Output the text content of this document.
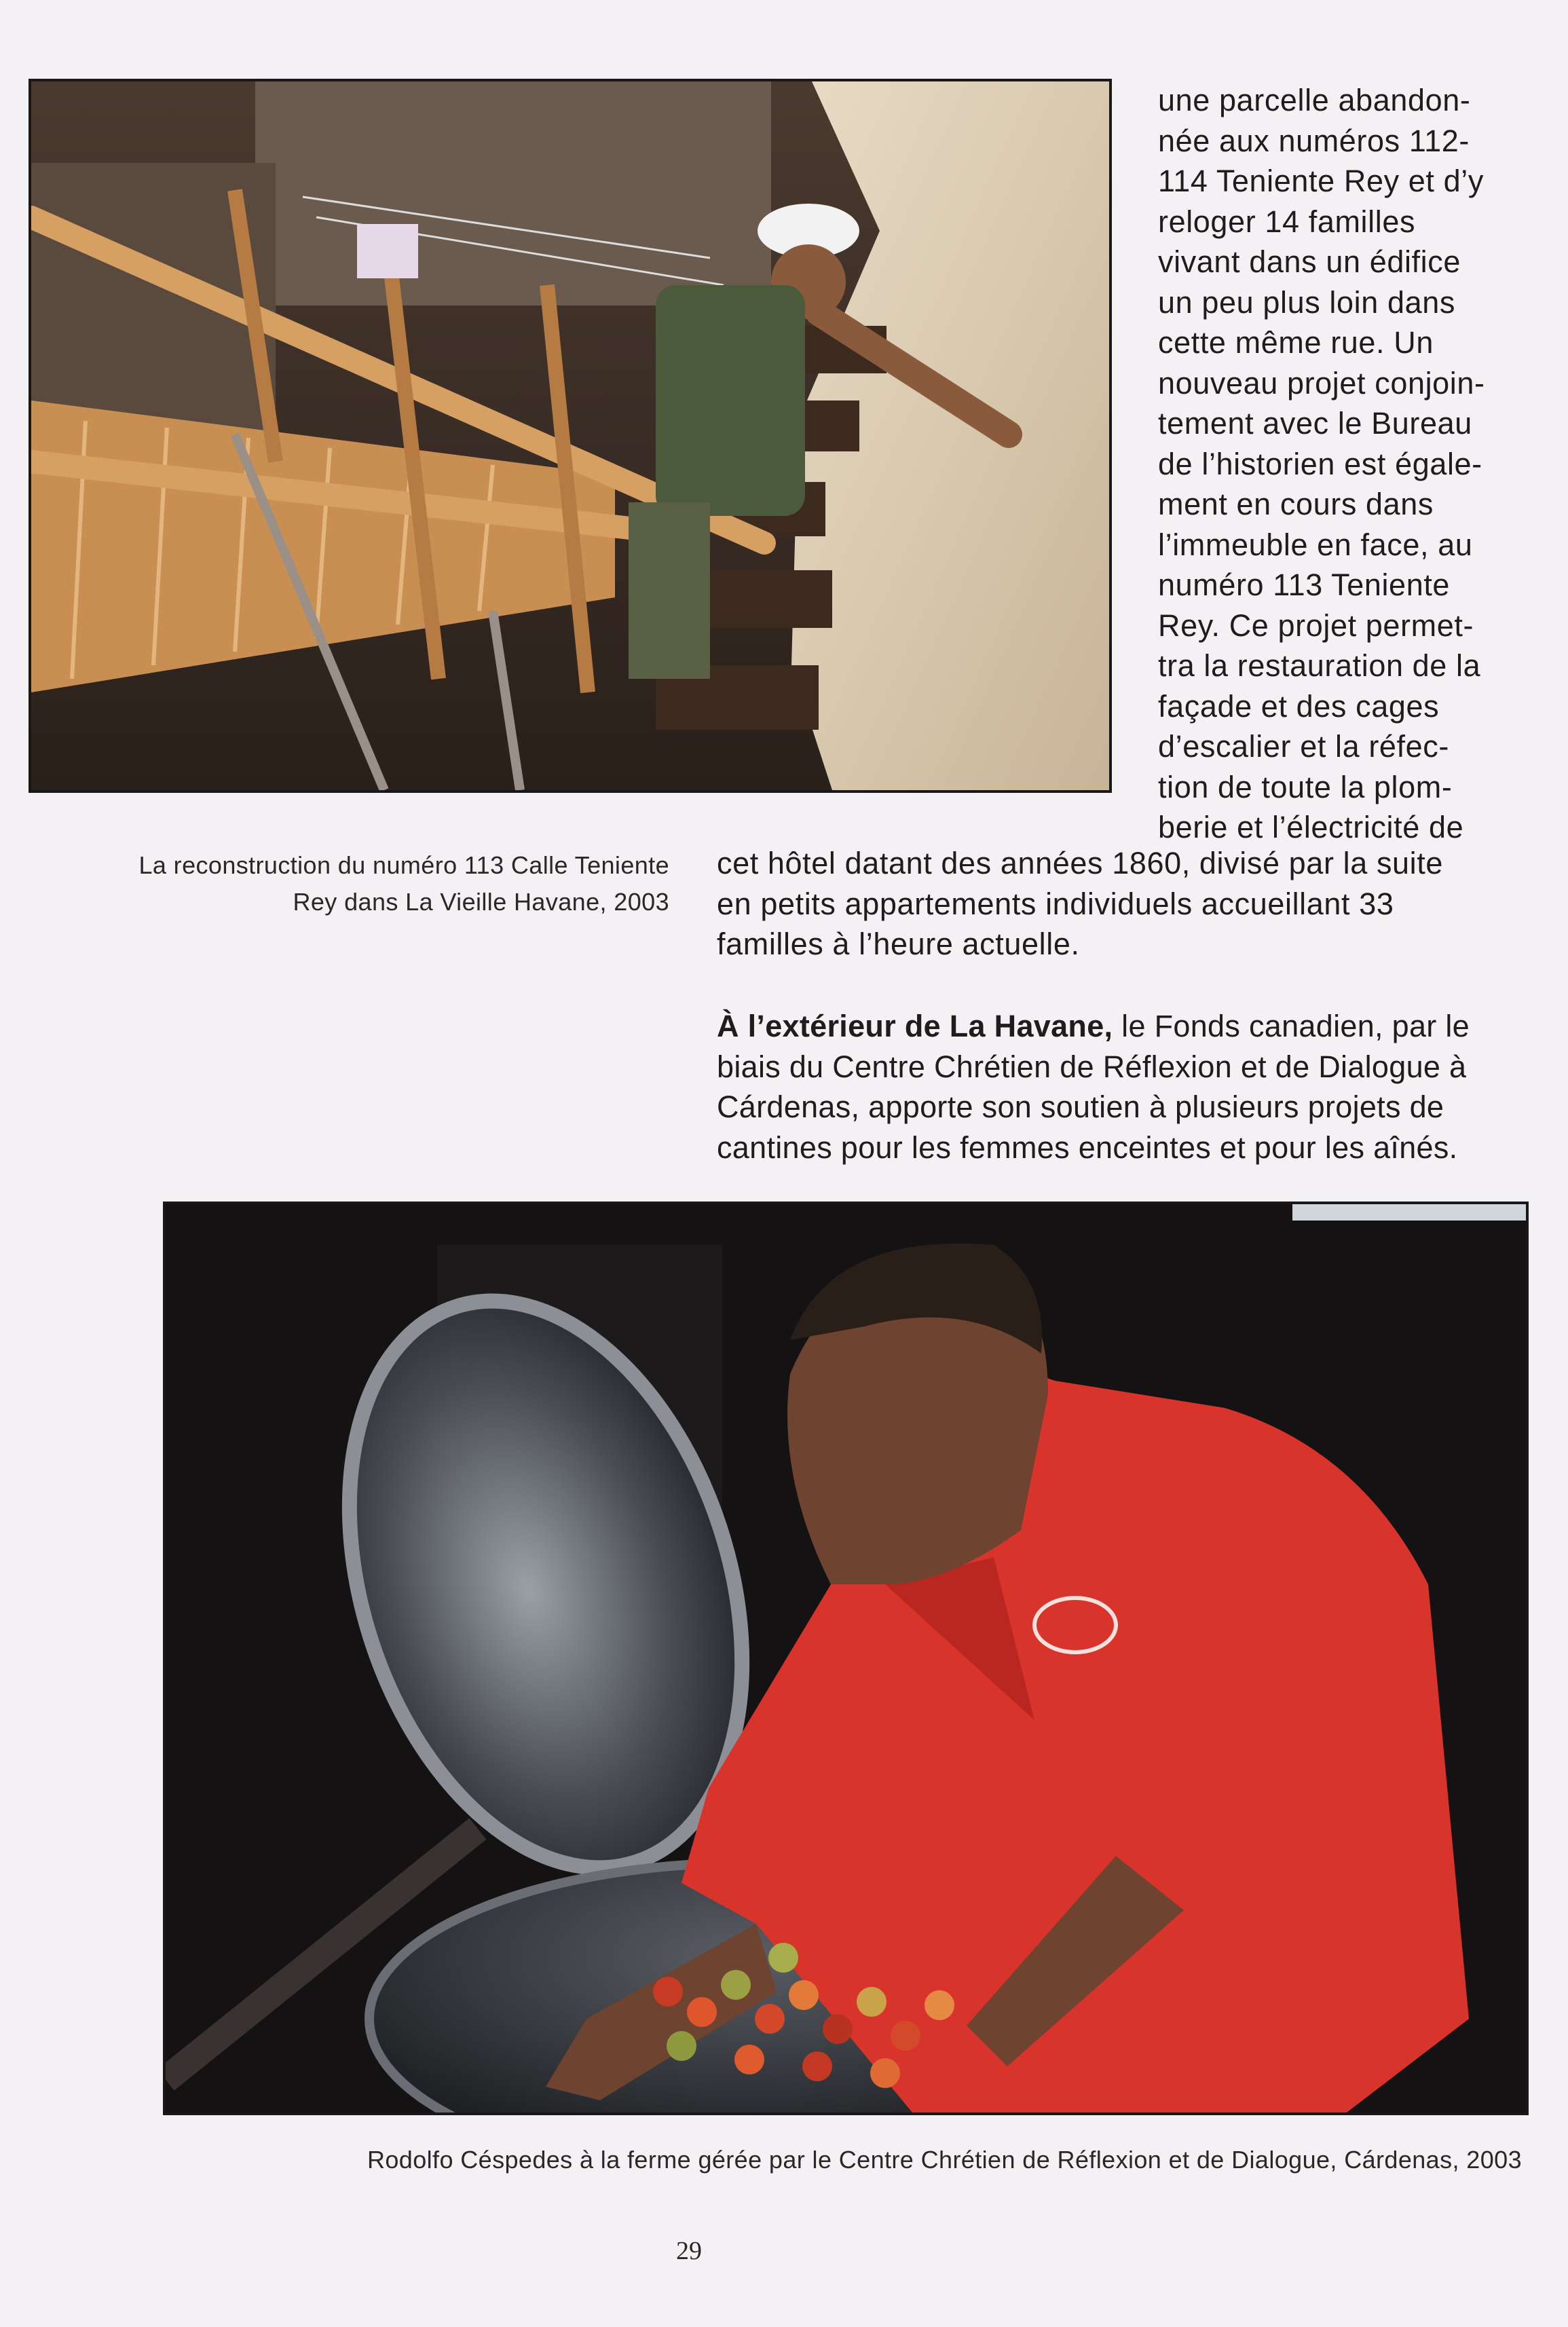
une parcelle abandon-
née aux numéros 112-
114 Teniente Rey et d’y
reloger 14 familles
vivant dans un édifice
un peu plus loin dans
cette même rue. Un
nouveau projet conjoin-
tement avec le Bureau
de l’historien est égale-
ment en cours dans
l’immeuble en face, au
numéro 113 Teniente
Rey. Ce projet permet-
tra la restauration de la
façade et des cages
d’escalier et la réfec-
tion de toute la plom-
berie et l’électricité de

La reconstruction du numéro 113 Calle Teniente
Rey dans La Vieille Havane, 2003

cet hôtel datant des années 1860, divisé par la suite
en petits appartements individuels accueillant 33
familles à l’heure actuelle.

À l’extérieur de La Havane, le Fonds canadien, par le
biais du Centre Chrétien de Réflexion et de Dialogue à
Cárdenas, apporte son soutien à plusieurs projets de
cantines pour les femmes enceintes et pour les aînés.

Rodolfo Céspedes à la ferme gérée par le Centre Chrétien de Réflexion et de Dialogue, Cárdenas, 2003

29
